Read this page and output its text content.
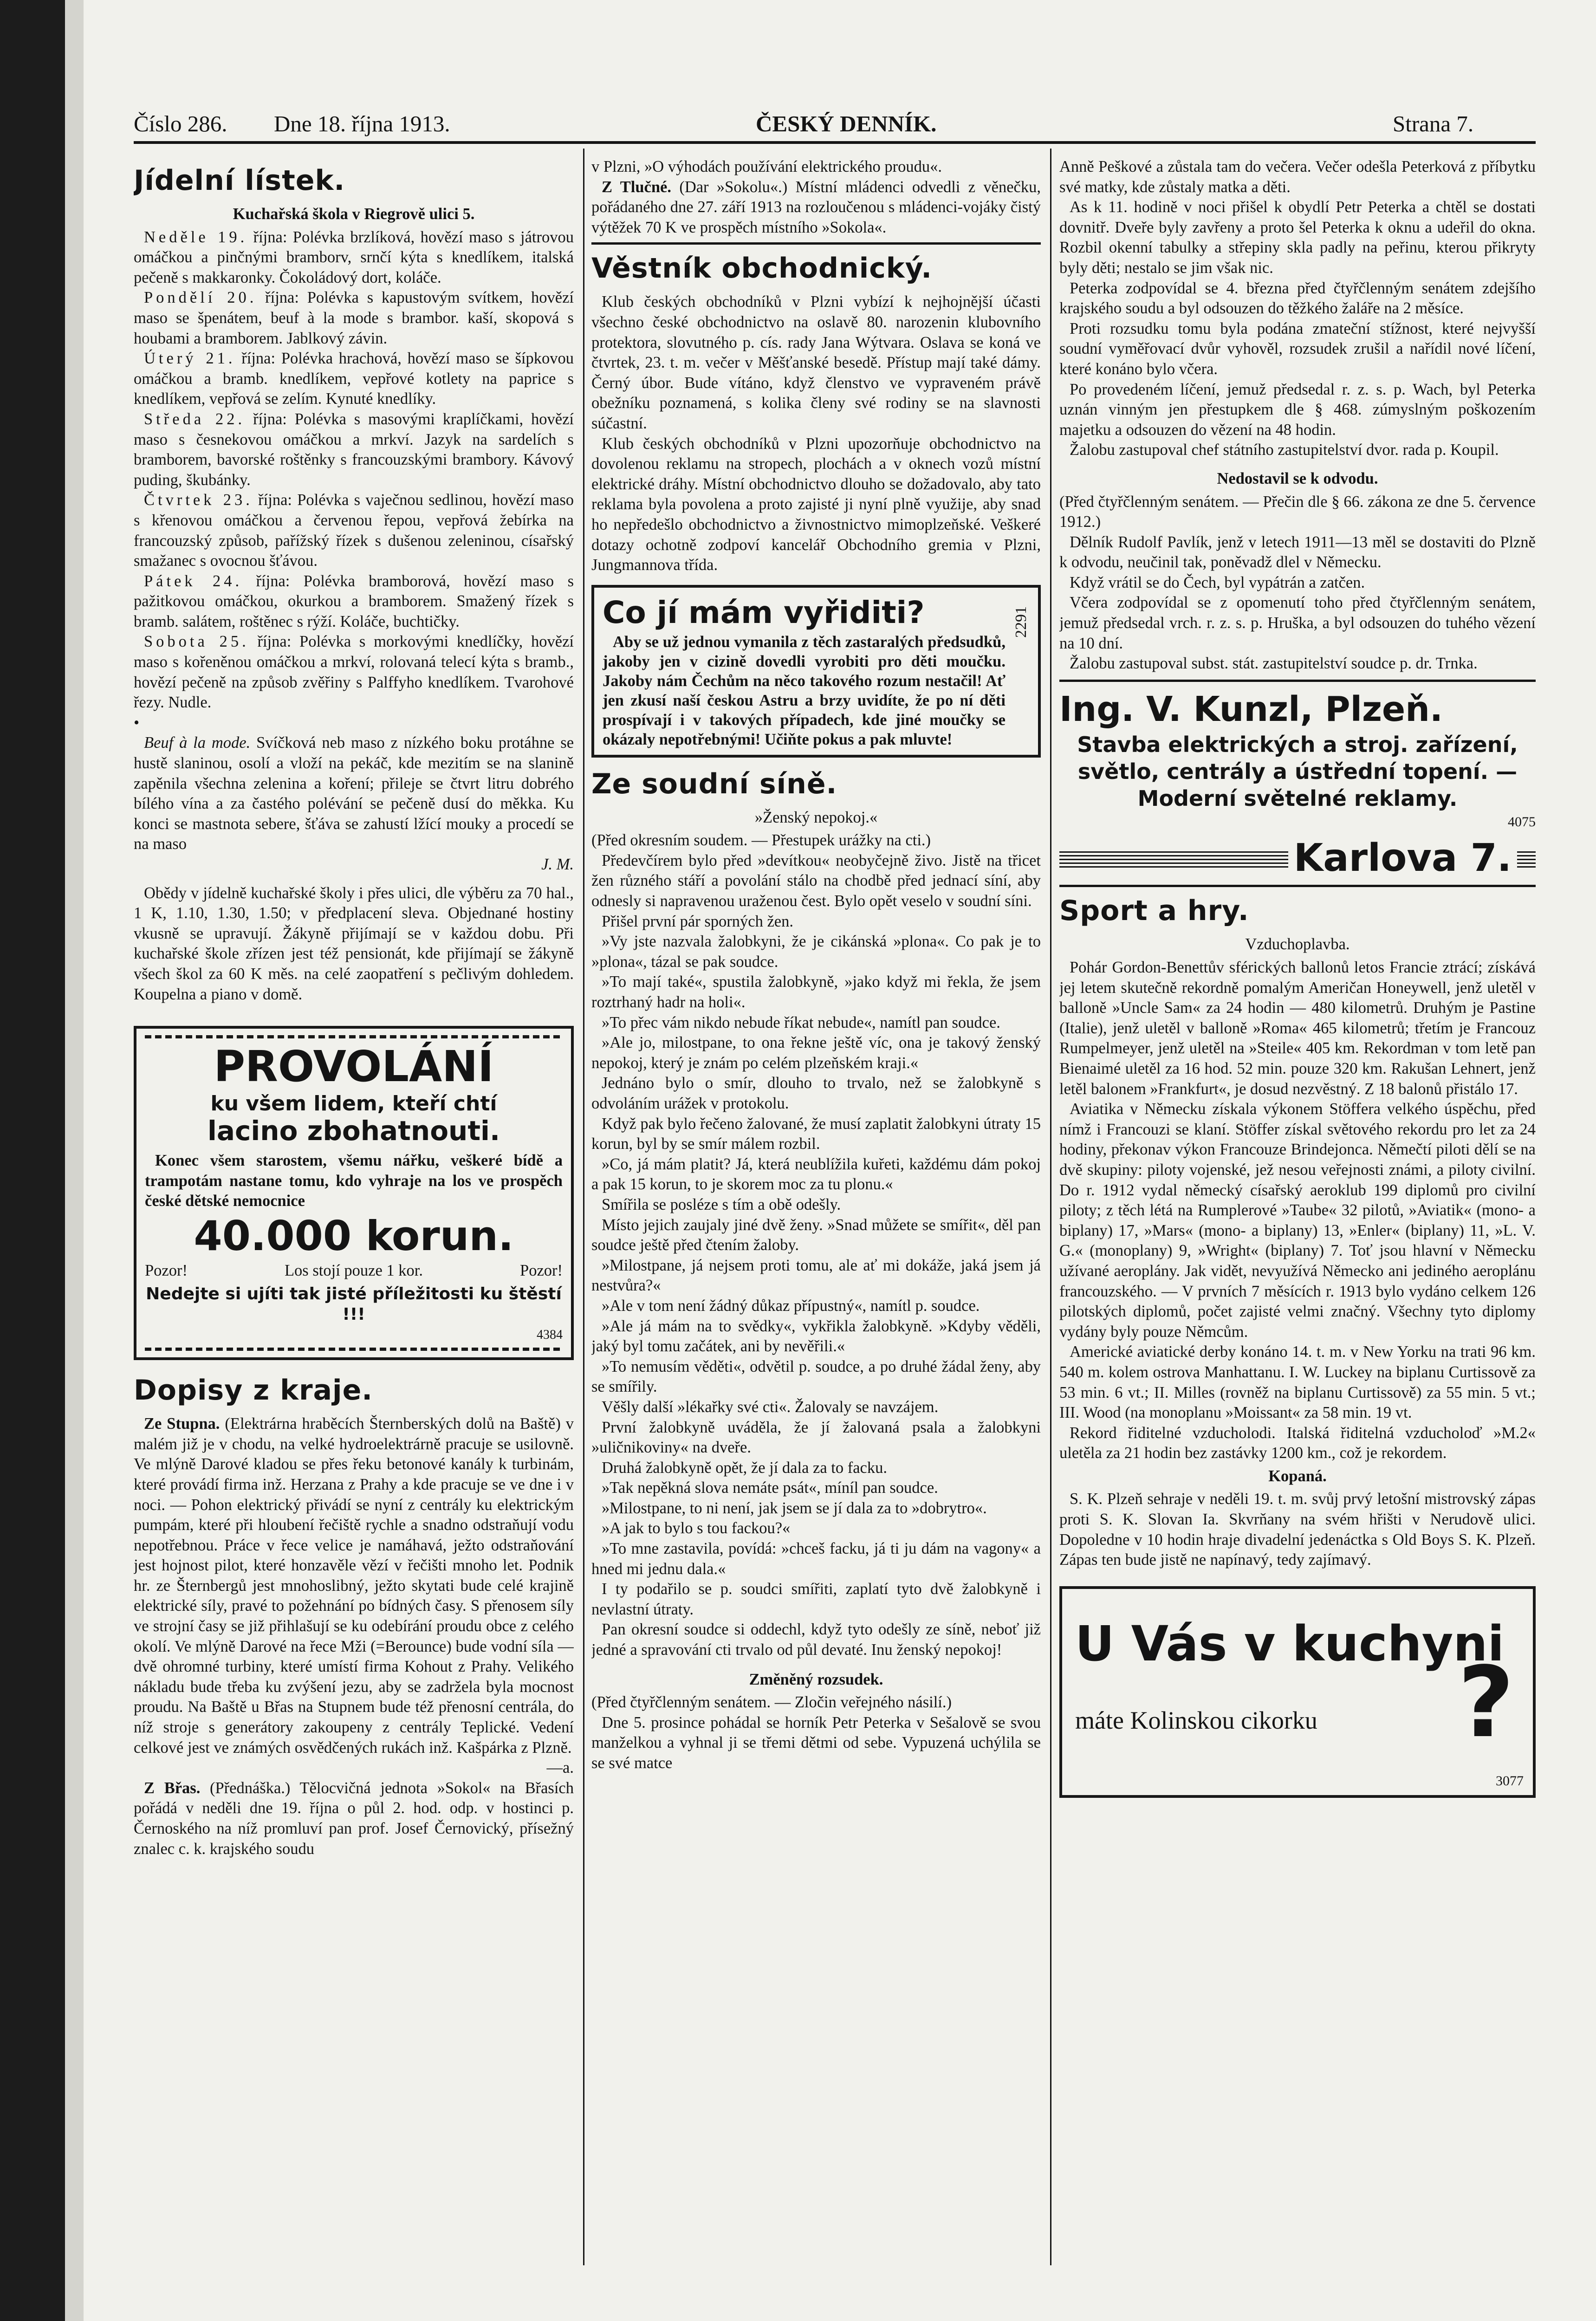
Číslo 286. Dne 18. října 1913.	ČESKÝ DENNÍK.	Strana 7.
Jídelní lístek.
Kuchařská škola v Riegrově ulici 5.

Neděle 19. října: Polévka brzlíková, hovězí maso s játrovou omáčkou a pinčnými bramborv, srnčí kýta s knedlíkem, italská pečeně s makkaronky. Čokoládový dort, koláče.

Pondělí 20. října: Polévka s kapustovým svítkem, hovězí maso se špenátem, beuf à la mode s brambor. kaší, skopová s houbami a bramborem. Jablkový závin.

Úterý 21. října: Polévka hrachová, hovězí maso se šípkovou omáčkou a bramb. knedlíkem, vepřové kotlety na paprice s knedlíkem, vepřová se zelím. Kynuté knedlíky.

Středa 22. října: Polévka s masovými kraplíčkami, hovězí maso s česnekovou omáčkou a mrkví. Jazyk na sardelích s bramborem, bavorské roštěnky s francouzskými brambory. Kávový puding, škubánky.

Čtvrtek 23. října: Polévka s vaječnou sedlinou, hovězí maso s křenovou omáčkou a červenou řepou, vepřová žebírka na francouzský způsob, pařížský řízek s dušenou zeleninou, císařský smažanec s ovocnou šťávou.

Pátek 24. října: Polévka bramborová, hovězí maso s pažitkovou omáčkou, okurkou a bramborem. Smažený řízek s bramb. salátem, roštěnec s rýží. Koláče, buchtičky.

Sobota 25. října: Polévka s morkovými knedlíčky, hovězí maso s kořeněnou omáčkou a mrkví, rolovaná telecí kýta s bramb., hovězí pečeně na způsob zvěřiny s Palffyho knedlíkem. Tvarohové řezy. Nudle.

•

Beuf à la mode. Svíčková neb maso z nízkého boku protáhne se hustě slaninou, osolí a vloží na pekáč, kde mezitím se na slanině zapěnila všechna zelenina a koření; přileje se čtvrt litru dobrého bílého vína a za častého polévání se pečeně dusí do měkka. Ku konci se mastnota sebere, šťáva se zahustí lžící mouky a procedí se na maso

J. M.

Obědy v jídelně kuchařské školy i přes ulici, dle výběru za 70 hal., 1 K, 1.10, 1.30, 1.50; v předplacení sleva. Objednané hostiny vkusně se upravují. Žákyně přijímají se v každou dobu. Při kuchařské škole zřízen jest též pensionát, kde přijímají se žákyně všech škol za 60 K měs. na celé zaopatření s pečlivým dohledem. Koupelna a piano v domě.

PROVOLÁNÍ
ku všem lidem, kteří chtí
lacino zbohatnouti.

Konec všem starostem, všemu nářku, veškeré bídě a trampotám nastane tomu, kdo vyhraje na los ve prospěch české dětské nemocnice

40.000 korun.
Pozor!	Los stojí pouze 1 kor.	Pozor!
Nedejte si ujíti tak jisté příležitosti ku štěstí !!!
4384
Dopisy z kraje.

Ze Stupna. (Elektrárna hraběcích Šternberských dolů na Baště) v malém již je v chodu, na velké hydroelektrárně pracuje se usilovně. Ve mlýně Darové kladou se přes řeku betonové kanály k turbinám, které provádí firma inž. Herzana z Prahy a kde pracuje se ve dne i v noci. — Pohon elektrický přivádí se nyní z centrály ku elektrickým pumpám, které při hloubení řečiště rychle a snadno odstraňují vodu nepotřebnou. Práce v řece velice je namáhavá, ježto odstraňování jest hojnost pilot, které honzavěle vězí v řečišti mnoho let. Podnik hr. ze Šternbergů jest mnohoslibný, ježto skytati bude celé krajině elektrické síly, pravé to požehnání po bídných časy. S přenosem síly ve strojní časy se již přihlašují se ku odebírání proudu obce z celého okolí. Ve mlýně Darové na řece Mži (=Berounce) bude vodní síla — dvě ohromné turbiny, které umístí firma Kohout z Prahy. Velikého nákladu bude třeba ku zvýšení jezu, aby se zadržela byla mocnost proudu. Na Baště u Břas na Stupnem bude též přenosní centrála, do níž stroje s generátory zakoupeny z centrály Teplické. Vedení celkové jest ve známých osvědčených rukách inž. Kašpárka z Plzně.

—a.

Z Břas. (Přednáška.) Tělocvičná jednota »Sokol« na Břasích pořádá v neděli dne 19. října o půl 2. hod. odp. v hostinci p. Černoského na níž promluví pan prof. Josef Černovický, přísežný znalec c. k. krajského soudu

v Plzni, »O výhodách používání elektrického proudu«.

Z Tlučné. (Dar »Sokolu«.) Místní mládenci odvedli z věnečku, pořádaného dne 27. září 1913 na rozloučenou s mládenci-vojáky čistý výtěžek 70 K ve prospěch místního »Sokola«.

Věstník obchodnický.

Klub českých obchodníků v Plzni vybízí k nejhojnější účasti všechno české obchodnictvo na oslavě 80. narozenin klubovního protektora, slovutného p. cís. rady Jana Wýtvara. Oslava se koná ve čtvrtek, 23. t. m. večer v Měšťanské besedě. Přístup mají také dámy. Černý úbor. Bude vítáno, když členstvo ve vypraveném právě obežníku poznamená, s kolika členy své rodiny se na slavnosti súčastní.

Klub českých obchodníků v Plzni upozorňuje obchodnictvo na dovolenou reklamu na stropech, plochách a v oknech vozů místní elektrické dráhy. Místní obchodnictvo dlouho se dožadovalo, aby tato reklama byla povolena a proto zajisté ji nyní plně využije, aby snad ho nepředešlo obchodnictvo a živnostnictvo mimoplzeňské. Veškeré dotazy ochotně zodpoví kancelář Obchodního gremia v Plzni, Jungmannova třída.

Co jí mám vyřiditi?

Aby se už jednou vymanila z těch zastaralých předsudků, jakoby jen v cizině dovedli vyrobiti pro děti moučku. Jakoby nám Čechům na něco takového rozum nestačil! Ať jen zkusí naší českou Astru a brzy uvidíte, že po ní děti prospívají i v takových případech, kde jiné moučky se okázaly nepotřebnými! Učiňte pokus a pak mluvte!

2291
Ze soudní síně.
»Ženský nepokoj.«

(Před okresním soudem. — Přestupek urážky na cti.)

Předevčírem bylo před »devítkou« neobyčejně živo. Jistě na třicet žen různého stáří a povolání stálo na chodbě před jednací síní, aby odnesly si napravenou uraženou čest. Bylo opět veselo v soudní síni.

Přišel první pár sporných žen.

»Vy jste nazvala žalobkyni, že je cikánská »plona«. Co pak je to »plona«, tázal se pak soudce.

»To mají také«, spustila žalobkyně, »jako když mi řekla, že jsem roztrhaný hadr na holi«.

»To přec vám nikdo nebude říkat nebude«, namítl pan soudce.

»Ale jo, milostpane, to ona řekne ještě víc, ona je takový ženský nepokoj, který je znám po celém plzeňském kraji.«

Jednáno bylo o smír, dlouho to trvalo, než se žalobkyně s odvoláním urážek v protokolu.

Když pak bylo řečeno žalované, že musí zaplatit žalobkyni útraty 15 korun, byl by se smír málem rozbil.

»Co, já mám platit? Já, která neublížila kuřeti, každému dám pokoj a pak 15 korun, to je skorem moc za tu plonu.«

Smířila se posléze s tím a obě odešly.

Místo jejich zaujaly jiné dvě ženy. »Snad můžete se smířit«, děl pan soudce ještě před čtením žaloby.

»Milostpane, já nejsem proti tomu, ale ať mi dokáže, jaká jsem já nestvůra?«

»Ale v tom není žádný důkaz přípustný«, namítl p. soudce.

»Ale já mám na to svědky«, vykřikla žalobkyně. »Kdyby věděli, jaký byl tomu začátek, ani by nevěřili.«

»To nemusím věděti«, odvětil p. soudce, a po druhé žádal ženy, aby se smířily.

Věšly další »lékařky své cti«. Žalovaly se navzájem.

První žalobkyně uváděla, že jí žalovaná psala a žalobkyni »uličnikoviny« na dveře.

Druhá žalobkyně opět, že jí dala za to facku.

»Tak nepěkná slova nemáte psát«, míníl pan soudce.

»Milostpane, to ni není, jak jsem se jí dala za to »dobrytro«.

»A jak to bylo s tou fackou?«

»To mne zastavila, povídá: »chceš facku, já ti ju dám na vagony« a hned mi jednu dala.«

I ty podařilo se p. soudci smířiti, zaplatí tyto dvě žalobkyně i nevlastní útraty.

Pan okresní soudce si oddechl, když tyto odešly ze síně, neboť již jedné a spravování cti trvalo od půl devaté. Inu ženský nepokoj!

Změněný rozsudek.

(Před čtyřčlenným senátem. — Zločin veřejného násilí.)

Dne 5. prosince pohádal se horník Petr Peterka v Sešalově se svou manželkou a vyhnal ji se třemi dětmi od sebe. Vypuzená uchýlila se se své matce

Anně Peškové a zůstala tam do večera. Večer odešla Peterková z příbytku své matky, kde zůstaly matka a děti.

As k 11. hodině v noci přišel k obydlí Petr Peterka a chtěl se dostati dovnitř. Dveře byly zavřeny a proto šel Peterka k oknu a udeřil do okna. Rozbil okenní tabulky a střepiny skla padly na peřinu, kterou přikryty byly děti; nestalo se jim však nic.

Peterka zodpovídal se 4. března před čtyřčlenným senátem zdejšího krajského soudu a byl odsouzen do těžkého žaláře na 2 měsíce.

Proti rozsudku tomu byla podána zmateční stížnost, které nejvyšší soudní vyměřovací dvůr vyhověl, rozsudek zrušil a nařídil nové líčení, které konáno bylo včera.

Po provedeném líčení, jemuž předsedal r. z. s. p. Wach, byl Peterka uznán vinným jen přestupkem dle § 468. zúmyslným poškozením majetku a odsouzen do vězení na 48 hodin.

Žalobu zastupoval chef státního zastupitelství dvor. rada p. Koupil.

Nedostavil se k odvodu.

(Před čtyřčlenným senátem. — Přečin dle § 66. zákona ze dne 5. července 1912.)

Dělník Rudolf Pavlík, jenž v letech 1911—13 měl se dostaviti do Plzně k odvodu, neučinil tak, poněvadž dlel v Německu.

Když vrátil se do Čech, byl vypátrán a zatčen.

Včera zodpovídal se z opomenutí toho před čtyřčlenným senátem, jemuž předsedal vrch. r. z. s. p. Hruška, a byl odsouzen do tuhého vězení na 10 dní.

Žalobu zastupoval subst. stát. zastupitelství soudce p. dr. Trnka.

Ing. V. Kunzl, Plzeň.
Stavba elektrických a stroj. zařízení, světlo, centrály a ústřední topení. — Moderní světelné reklamy.
4075
Karlova 7.
Sport a hry.
Vzduchoplavba.

Pohár Gordon-Benettův sférických ballonů letos Francie ztrácí; získává jej letem skutečně rekordně pomalým Američan Honeywell, jenž uletěl v balloně »Uncle Sam« za 24 hodin — 480 kilometrů. Druhým je Pastine (Italie), jenž uletěl v balloně »Roma« 465 kilometrů; třetím je Francouz Rumpelmeyer, jenž uletěl na »Steile« 405 km. Rekordman v tom letě pan Bienaimé uletěl za 16 hod. 52 min. pouze 320 km. Rakušan Lehnert, jenž letěl balonem »Frankfurt«, je dosud nezvěstný. Z 18 balonů přistálo 17.

Aviatika v Německu získala výkonem Stöffera velkého úspěchu, před nímž i Francouzi se klaní. Stöffer získal světového rekordu pro let za 24 hodiny, překonav výkon Francouze Brindejonca. Němečtí piloti dělí se na dvě skupiny: piloty vojenské, jež nesou veřejnosti známi, a piloty civilní. Do r. 1912 vydal německý císařský aeroklub 199 diplomů pro civilní piloty; z těch létá na Rumplerové »Taube« 32 pilotů, »Aviatik« (mono- a biplany) 17, »Mars« (mono- a biplany) 13, »Enler« (biplany) 11, »L. V. G.« (monoplany) 9, »Wright« (biplany) 7. Toť jsou hlavní v Německu užívané aeroplány. Jak vidět, nevyužívá Německo ani jediného aeroplánu francouzského. — V prvních 7 měsících r. 1913 bylo vydáno celkem 126 pilotských diplomů, počet zajisté velmi značný. Všechny tyto diplomy vydány byly pouze Němcům.

Americké aviatické derby konáno 14. t. m. v New Yorku na trati 96 km. 540 m. kolem ostrova Manhattanu. I. W. Luckey na biplanu Curtissově za 53 min. 6 vt.; II. Milles (rovněž na biplanu Curtissově) za 55 min. 5 vt.; III. Wood (na monoplanu »Moissant« za 58 min. 19 vt.

Rekord řiditelné vzducholodi. Italská řiditelná vzducholoď »M.2« uletěla za 21 hodin bez zastávky 1200 km., což je rekordem.

Kopaná.

S. K. Plzeň sehraje v neděli 19. t. m. svůj prvý letošní mistrovský zápas proti S. K. Slovan Ia. Skvrňany na svém hřišti v Nerudově ulici. Dopoledne v 10 hodin hraje divadelní jedenáctka s Old Boys S. K. Plzeň. Zápas ten bude jistě ne napínavý, tedy zajímavý.

U Vás v kuchyni
máte Kolinskou cikorku	?
3077
